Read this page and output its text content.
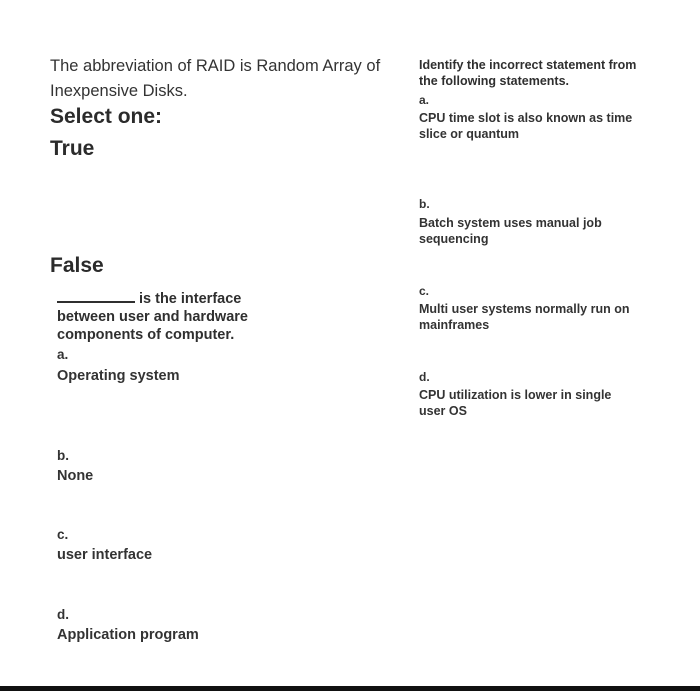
The abbreviation of RAID is Random Array of Inexpensive Disks.

Select one:
True
False

is the interface between user and hardware components of computer.

a.
Operating system
b.
None
c.
user interface
d.
Application program

Identify the incorrect statement from the following statements.

a.
CPU time slot is also known as time slice or quantum
b.
Batch system uses manual job sequencing
c.
Multi user systems normally run on mainframes
d.
CPU utilization is lower in single user OS
